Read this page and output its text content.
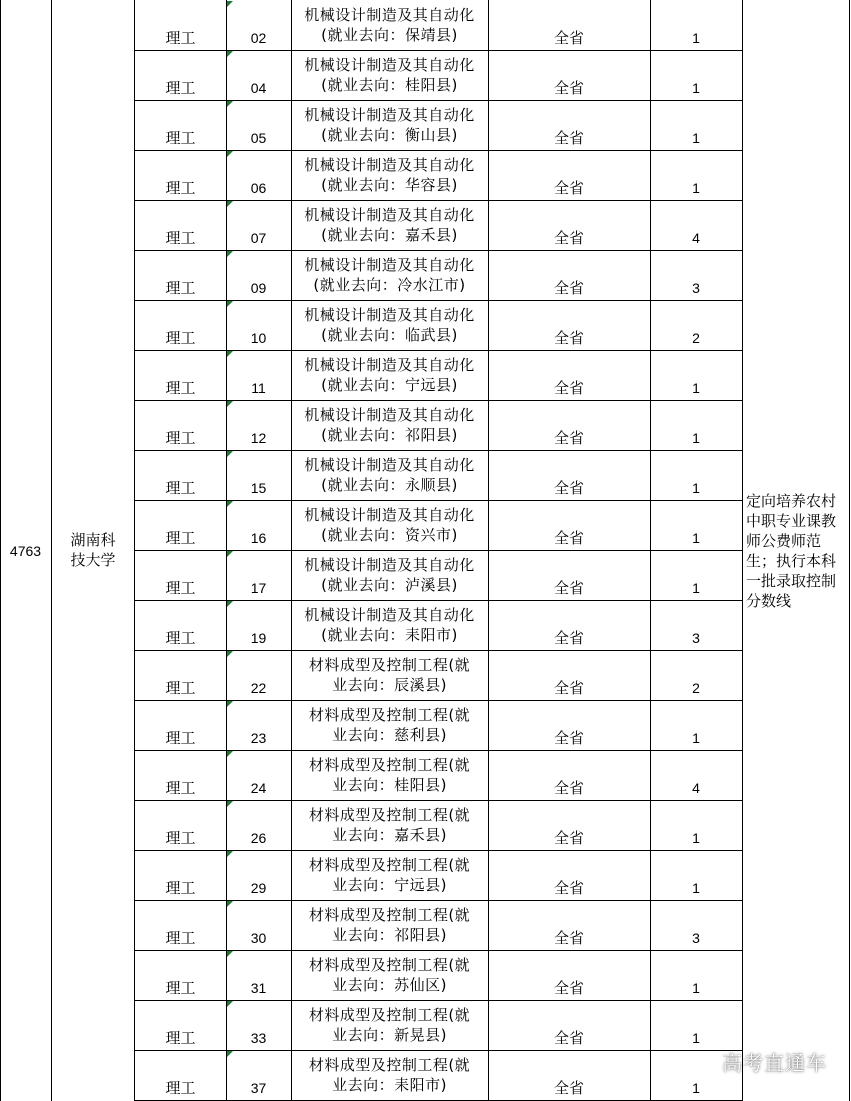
4763
湖南科技大学
定向培养农村中职专业课教师公费师范生；执行本科一批录取控制分数线
理工	02
机械设计制造及其自动化
(就业去向：保靖县)	全省	1
理工	04
机械设计制造及其自动化
(就业去向：桂阳县)	全省	1
理工	05
机械设计制造及其自动化
(就业去向：衡山县)	全省	1
理工	06
机械设计制造及其自动化
(就业去向：华容县)	全省	1
理工	07
机械设计制造及其自动化
(就业去向：嘉禾县)	全省	4
理工	09
机械设计制造及其自动化
(就业去向：冷水江市)	全省	3
理工	10
机械设计制造及其自动化
(就业去向：临武县)	全省	2
理工	11
机械设计制造及其自动化
(就业去向：宁远县)	全省	1
理工	12
机械设计制造及其自动化
(就业去向：祁阳县)	全省	1
理工	15
机械设计制造及其自动化
(就业去向：永顺县)	全省	1
理工	16
机械设计制造及其自动化
(就业去向：资兴市)	全省	1
理工	17
机械设计制造及其自动化
(就业去向：泸溪县)	全省	1
理工	19
机械设计制造及其自动化
(就业去向：耒阳市)	全省	3
理工	22
材料成型及控制工程(就
业去向：辰溪县)	全省	2
理工	23
材料成型及控制工程(就
业去向：慈利县)	全省	1
理工	24
材料成型及控制工程(就
业去向：桂阳县)	全省	4
理工	26
材料成型及控制工程(就
业去向：嘉禾县)	全省	1
理工	29
材料成型及控制工程(就
业去向：宁远县)	全省	1
理工	30
材料成型及控制工程(就
业去向：祁阳县)	全省	3
理工	31
材料成型及控制工程(就
业去向：苏仙区)	全省	1
理工	33
材料成型及控制工程(就
业去向：新晃县)	全省	1
理工	37
材料成型及控制工程(就
业去向：耒阳市)	全省	1
高考直通车
